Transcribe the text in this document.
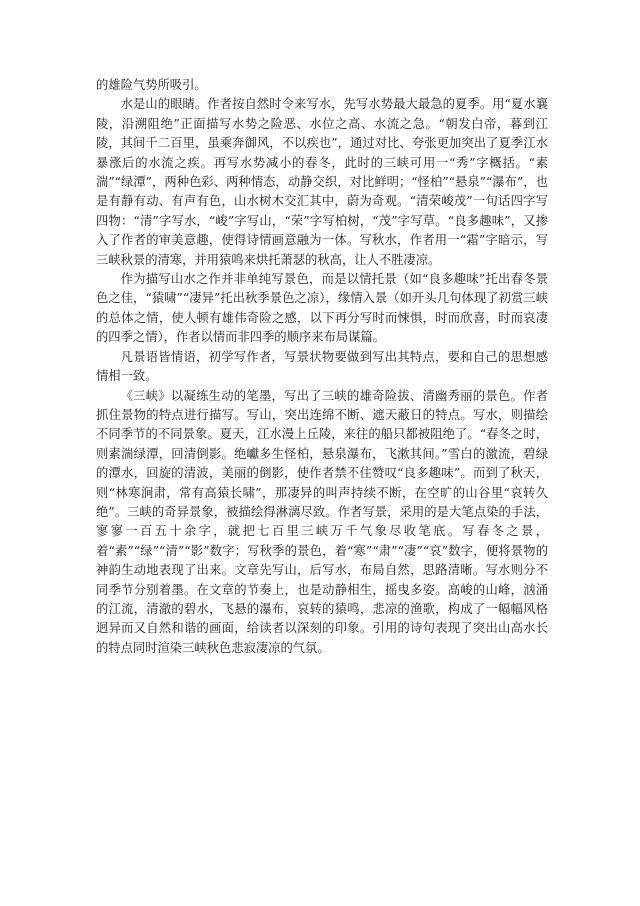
的雄险气势所吸引。

水是山的眼睛。作者按自然时令来写水，先写水势最大最急的夏季。用“夏水襄陵，沿溯阻绝”正面描写水势之险恶、水位之高、水流之急。“朝发白帝，暮到江陵，其间千二百里，虽乘奔御风，不以疾也”，通过对比、夸张更加突出了夏季江水暴涨后的水流之疾。再写水势减小的春冬，此时的三峡可用一“秀”字概括。“素湍”“绿潭”，两种色彩、两种情态，动静交织，对比鲜明；“怪柏”“悬泉”“瀑布”，也是有静有动、有声有色，山水树木交汇其中，蔚为奇观。“清荣峻茂”一句话四字写四物：“清”字写水，“峻”字写山，“荣”字写柏树，“茂”字写草。“良多趣味”，又掺入了作者的审美意趣，使得诗情画意融为一体。写秋水，作者用一“霜”字暗示，写三峡秋景的清寒，并用猿鸣来烘托萧瑟的秋高，让人不胜凄凉。

作为描写山水之作并非单纯写景色，而是以情托景（如“良多趣味”托出春冬景色之佳，“猿啸”“凄异”托出秋季景色之凉），缘情入景（如开头几句体现了初赏三峡的总体之情，使人顿有雄伟奇险之感，以下再分写时而悚惧，时而欣喜，时而哀凄的四季之情），作者以情而非四季的顺序来布局谋篇。

凡景语皆情语，初学写作者，写景状物要做到写出其特点，要和自己的思想感情相一致。

《三峡》以凝练生动的笔墨，写出了三峡的雄奇险拔、清幽秀丽的景色。作者抓住景物的特点进行描写。写山，突出连绵不断、遮天蔽日的特点。写水，则描绘不同季节的不同景象。夏天，江水漫上丘陵，来往的船只都被阻绝了。“春冬之时，则素湍绿潭，回清倒影。绝巘多生怪柏，悬泉瀑布，飞漱其间。”雪白的激流，碧绿的潭水，回旋的清波，美丽的倒影，使作者禁不住赞叹“良多趣味”。而到了秋天，则“林寒涧肃，常有高猿长啸”，那凄异的叫声持续不断，在空旷的山谷里“哀转久绝”。三峡的奇异景象，被描绘得淋漓尽致。作者写景，采用的是大笔点染的手法，寥寥一百五十余字，就把七百里三峡万千气象尽收笔底。写春冬之景，着“素”“绿”“清”“影”数字；写秋季的景色，着“寒”“肃”“凄”“哀”数字，便将景物的神韵生动地表现了出来。文章先写山，后写水，布局自然，思路清晰。写水则分不同季节分别着墨。在文章的节奏上，也是动静相生，摇曳多姿。高峻的山峰，汹涌的江流，清澈的碧水，飞悬的瀑布，哀转的猿鸣，悲凉的渔歌，构成了一幅幅风格迥异而又自然和谐的画面，给读者以深刻的印象。引用的诗句表现了突出山高水长的特点同时渲染三峡秋色悲寂凄凉的气氛。
